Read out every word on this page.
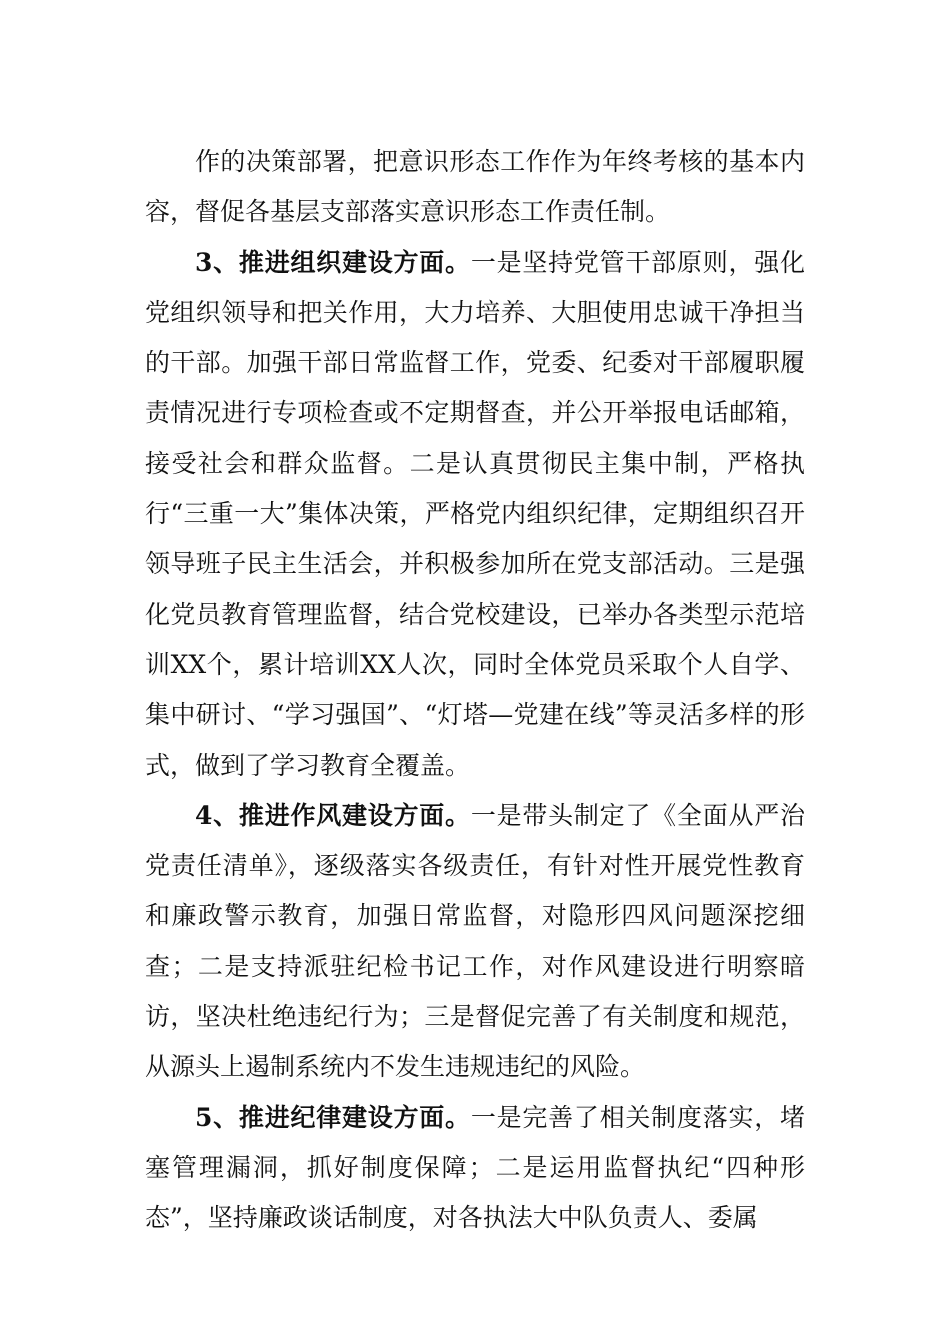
作的决策部署，把意识形态工作作为年终考核的基本内容，督促各基层支部落实意识形态工作责任制。

3、推进组织建设方面。一是坚持党管干部原则，强化党组织领导和把关作用，大力培养、大胆使用忠诚干净担当的干部。加强干部日常监督工作，党委、纪委对干部履职履责情况进行专项检查或不定期督查，并公开举报电话邮箱，接受社会和群众监督。二是认真贯彻民主集中制，严格执行“三重一大”集体决策，严格党内组织纪律，定期组织召开领导班子民主生活会，并积极参加所在党支部活动。三是强化党员教育管理监督，结合党校建设，已举办各类型示范培训XX个，累计培训XX人次，同时全体党员采取个人自学、集中研讨、“学习强国”、“灯塔—党建在线”等灵活多样的形式，做到了学习教育全覆盖。

4、推进作风建设方面。一是带头制定了《全面从严治党责任清单》，逐级落实各级责任，有针对性开展党性教育和廉政警示教育，加强日常监督，对隐形四风问题深挖细查；二是支持派驻纪检书记工作，对作风建设进行明察暗访，坚决杜绝违纪行为；三是督促完善了有关制度和规范，从源头上遏制系统内不发生违规违纪的风险。

5、推进纪律建设方面。一是完善了相关制度落实，堵塞管理漏洞，抓好制度保障；二是运用监督执纪“四种形态”，坚持廉政谈话制度，对各执法大中队负责人、委属
